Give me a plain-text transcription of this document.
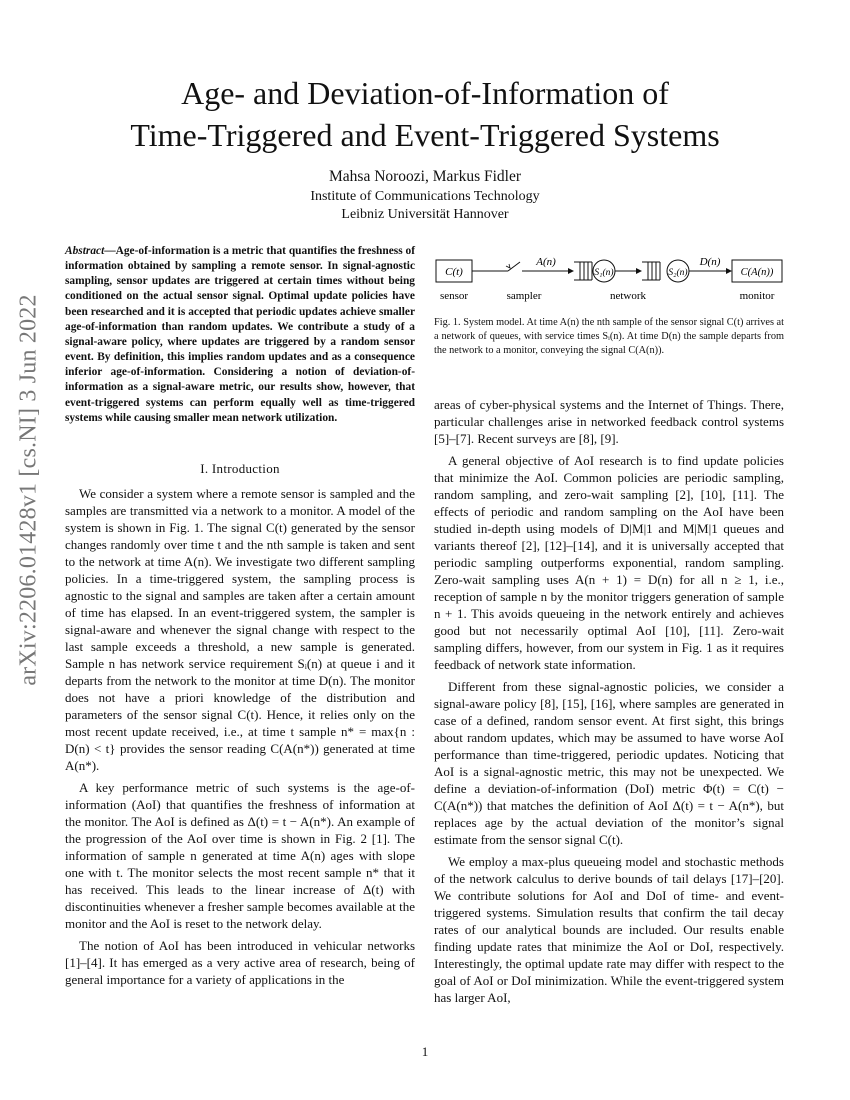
Age- and Deviation-of-Information of
Time-Triggered and Event-Triggered Systems
Mahsa Noroozi, Markus Fidler
Institute of Communications Technology
Leibniz Universität Hannover
arXiv:2206.01428v1 [cs.NI] 3 Jun 2022

Abstract—Age-of-information is a metric that quantifies the freshness of information obtained by sampling a remote sensor. In signal-agnostic sampling, sensor updates are triggered at certain times without being conditioned on the actual sensor signal. Optimal update policies have been researched and it is accepted that periodic updates achieve smaller age-of-information than random updates. We contribute a study of a signal-aware policy, where updates are triggered by a random sensor event. By definition, this implies random updates and as a consequence inferior age-of-information. Considering a notion of deviation-of-information as a signal-aware metric, our results show, however, that event-triggered systems can perform equally well as time-triggered systems while causing smaller mean network utilization.

I. Introduction

We consider a system where a remote sensor is sampled and the samples are transmitted via a network to a monitor. A model of the system is shown in Fig. 1. The signal C(t) generated by the sensor changes randomly over time t and the nth sample is taken and sent to the network at time A(n). We investigate two different sampling policies. In a time-triggered system, the sampling process is agnostic to the signal and samples are taken after a certain amount of time has elapsed. In an event-triggered system, the sampler is signal-aware and whenever the signal change with respect to the last sample exceeds a threshold, a new sample is generated. Sample n has network service requirement Sᵢ(n) at queue i and it departs from the network to the monitor at time D(n). The monitor does not have a priori knowledge of the distribution and parameters of the sensor signal C(t). Hence, it relies only on the most recent update received, i.e., at time t sample n* = max{n : D(n) < t} provides the sensor reading C(A(n*)) generated at time A(n*).

A key performance metric of such systems is the age-of-information (AoI) that quantifies the freshness of information at the monitor. The AoI is defined as Δ(t) = t − A(n*). An example of the progression of the AoI over time is shown in Fig. 2 [1]. The information of sample n generated at time A(n) ages with slope one with t. The monitor selects the most recent sample n* that it has received. This leads to the linear increase of Δ(t) with discontinuities whenever a fresher sample becomes available at the monitor and the AoI is reset to the network delay.

The notion of AoI has been introduced in vehicular networks [1]–[4]. It has emerged as a very active area of research, being of general importance for a variety of applications in the

C(t)
A(n)
S₁(n)	S₂(n)
D(n)
C(A(n))
sensor	sampler	network	monitor
Fig. 1. System model. At time A(n) the nth sample of the sensor signal C(t) arrives at a network of queues, with service times Sᵢ(n). At time D(n) the sample departs from the network to a monitor, conveying the signal C(A(n)).

areas of cyber-physical systems and the Internet of Things. There, particular challenges arise in networked feedback control systems [5]–[7]. Recent surveys are [8], [9].

A general objective of AoI research is to find update policies that minimize the AoI. Common policies are periodic sampling, random sampling, and zero-wait sampling [2], [10], [11]. The effects of periodic and random sampling on the AoI have been studied in-depth using models of D|M|1 and M|M|1 queues and variants thereof [2], [12]–[14], and it is universally accepted that periodic sampling outperforms exponential, random sampling. Zero-wait sampling uses A(n + 1) = D(n) for all n ≥ 1, i.e., reception of sample n by the monitor triggers generation of sample n + 1. This avoids queueing in the network entirely and achieves good but not necessarily optimal AoI [10], [11]. Zero-wait sampling differs, however, from our system in Fig. 1 as it requires feedback of network state information.

Different from these signal-agnostic policies, we consider a signal-aware policy [8], [15], [16], where samples are generated in case of a defined, random sensor event. At first sight, this brings about random updates, which may be assumed to have worse AoI performance than time-triggered, periodic updates. Noticing that AoI is a signal-agnostic metric, this may not be unexpected. We define a deviation-of-information (DoI) metric Φ(t) = C(t) − C(A(n*)) that matches the definition of AoI Δ(t) = t − A(n*), but replaces age by the actual deviation of the monitor’s signal estimate from the sensor signal C(t).

We employ a max-plus queueing model and stochastic methods of the network calculus to derive bounds of tail delays [17]–[20]. We contribute solutions for AoI and DoI of time- and event-triggered systems. Simulation results that confirm the tail decay rates of our analytical bounds are included. Our results enable finding update rates that minimize the AoI or DoI, respectively. Interestingly, the optimal update rate may differ with respect to the goal of AoI or DoI minimization. While the event-triggered system has larger AoI,

1
